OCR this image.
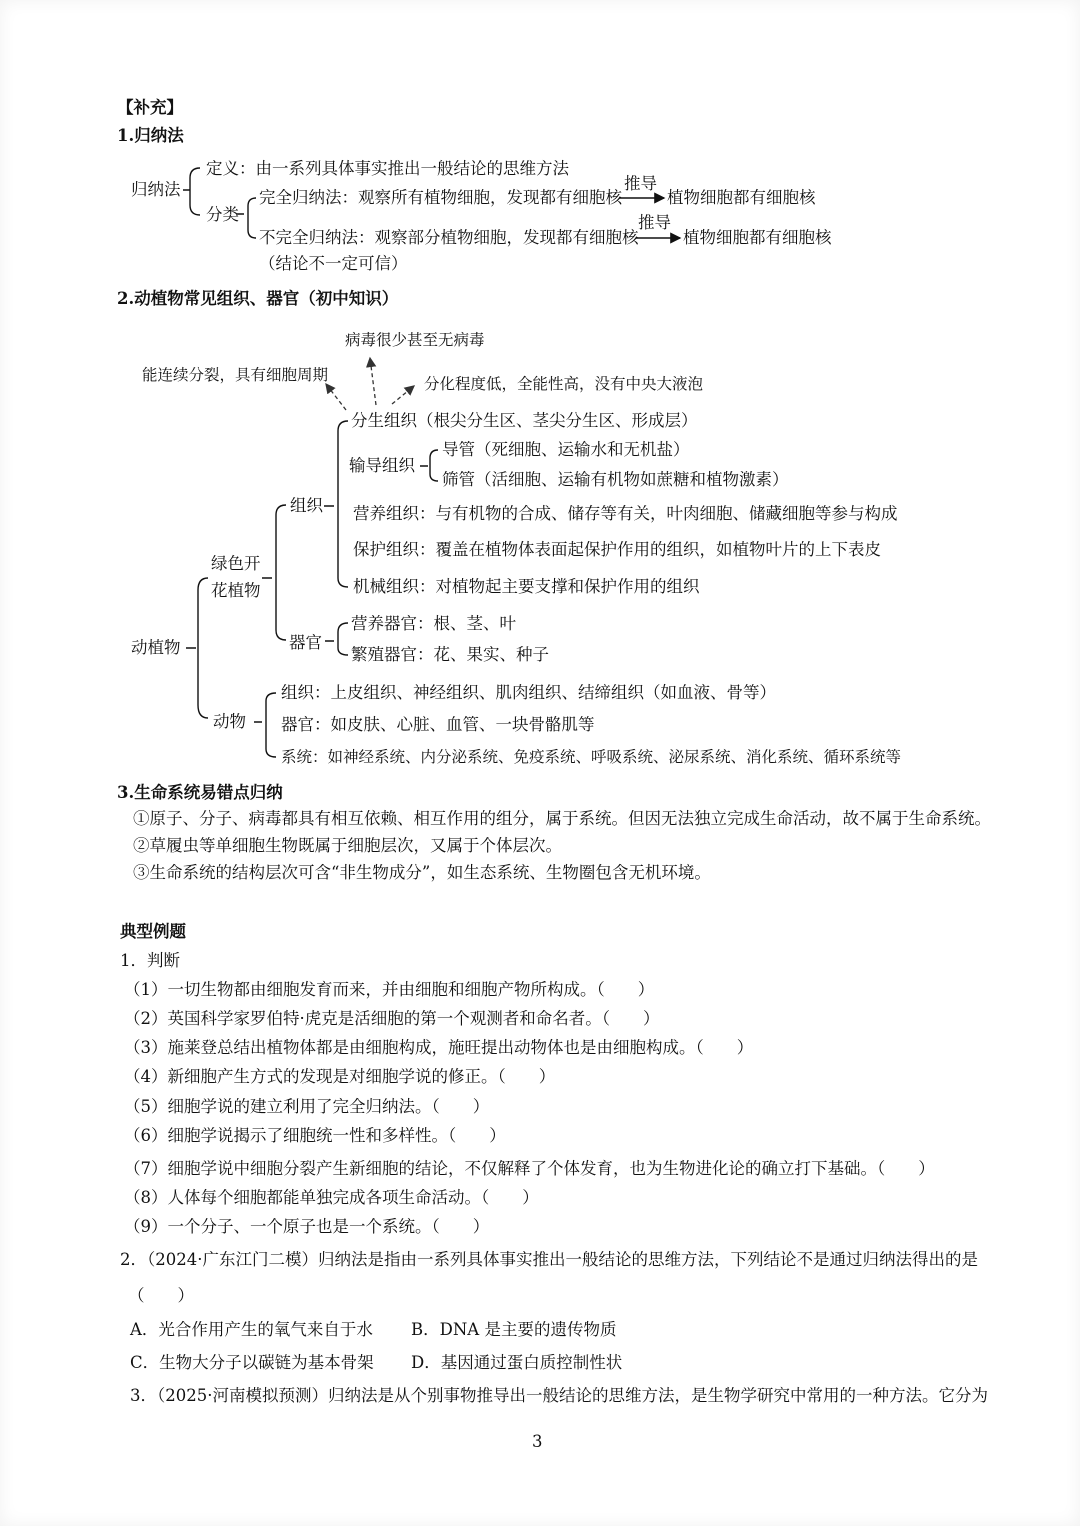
【补充】
1.归纳法
归纳法
定义：由一系列具体事实推出一般结论的思维方法
分类
完全归纳法：观察所有植物细胞，发现都有细胞核
不完全归纳法：观察部分植物细胞，发现都有细胞核
推导
推导
植物细胞都有细胞核
植物细胞都有细胞核
（结论不一定可信）
2.动植物常见组织、器官（初中知识）
病毒很少甚至无病毒
能连续分裂，具有细胞周期	分化程度低，全能性高，没有中央大液泡
分生组织（根尖分生区、茎尖分生区、形成层）
输导组织
导管（死细胞、运输水和无机盐）
筛管（活细胞、运输有机物如蔗糖和植物激素）
组织 营养组织：与有机物的合成、储存等有关，叶肉细胞、储藏细胞等参与构成
保护组织：覆盖在植物体表面起保护作用的组织，如植物叶片的上下表皮
机械组织：对植物起主要支撑和保护作用的组织
绿色开
花植物
器官
营养器官：根、茎、叶
繁殖器官：花、果实、种子
动植物
动物
组织：上皮组织、神经组织、肌肉组织、结缔组织（如血液、骨等）
器官：如皮肤、心脏、血管、一块骨骼肌等
系统：如神经系统、内分泌系统、免疫系统、呼吸系统、泌尿系统、消化系统、循环系统等
3.生命系统易错点归纳
①原子、分子、病毒都具有相互依赖、相互作用的组分，属于系统。但因无法独立完成生命活动，故不属于生命系统。
②草履虫等单细胞生物既属于细胞层次，又属于个体层次。
③生命系统的结构层次可含“非生物成分”，如生态系统、生物圈包含无机环境。
典型例题
1．判断
（1）一切生物都由细胞发育而来，并由细胞和细胞产物所构成。（　　）
（2）英国科学家罗伯特·虎克是活细胞的第一个观测者和命名者。（　　）
（3）施莱登总结出植物体都是由细胞构成，施旺提出动物体也是由细胞构成。（　　）
（4）新细胞产生方式的发现是对细胞学说的修正。（　　）
（5）细胞学说的建立利用了完全归纳法。（　　）
（6）细胞学说揭示了细胞统一性和多样性。（　　）
（7）细胞学说中细胞分裂产生新细胞的结论，不仅解释了个体发育，也为生物进化论的确立打下基础。（　　）
（8）人体每个细胞都能单独完成各项生命活动。（　　）
（9）一个分子、一个原子也是一个系统。（　　）
2．（2024·广东江门二模）归纳法是指由一系列具体事实推出一般结论的思维方法，下列结论不是通过归纳法得出的是
（　　）
A．光合作用产生的氧气来自于水 B．DNA 是主要的遗传物质
C．生物大分子以碳链为基本骨架 D．基因通过蛋白质控制性状
3．（2025·河南模拟预测）归纳法是从个别事物推导出一般结论的思维方法，是生物学研究中常用的一种方法。它分为
3
